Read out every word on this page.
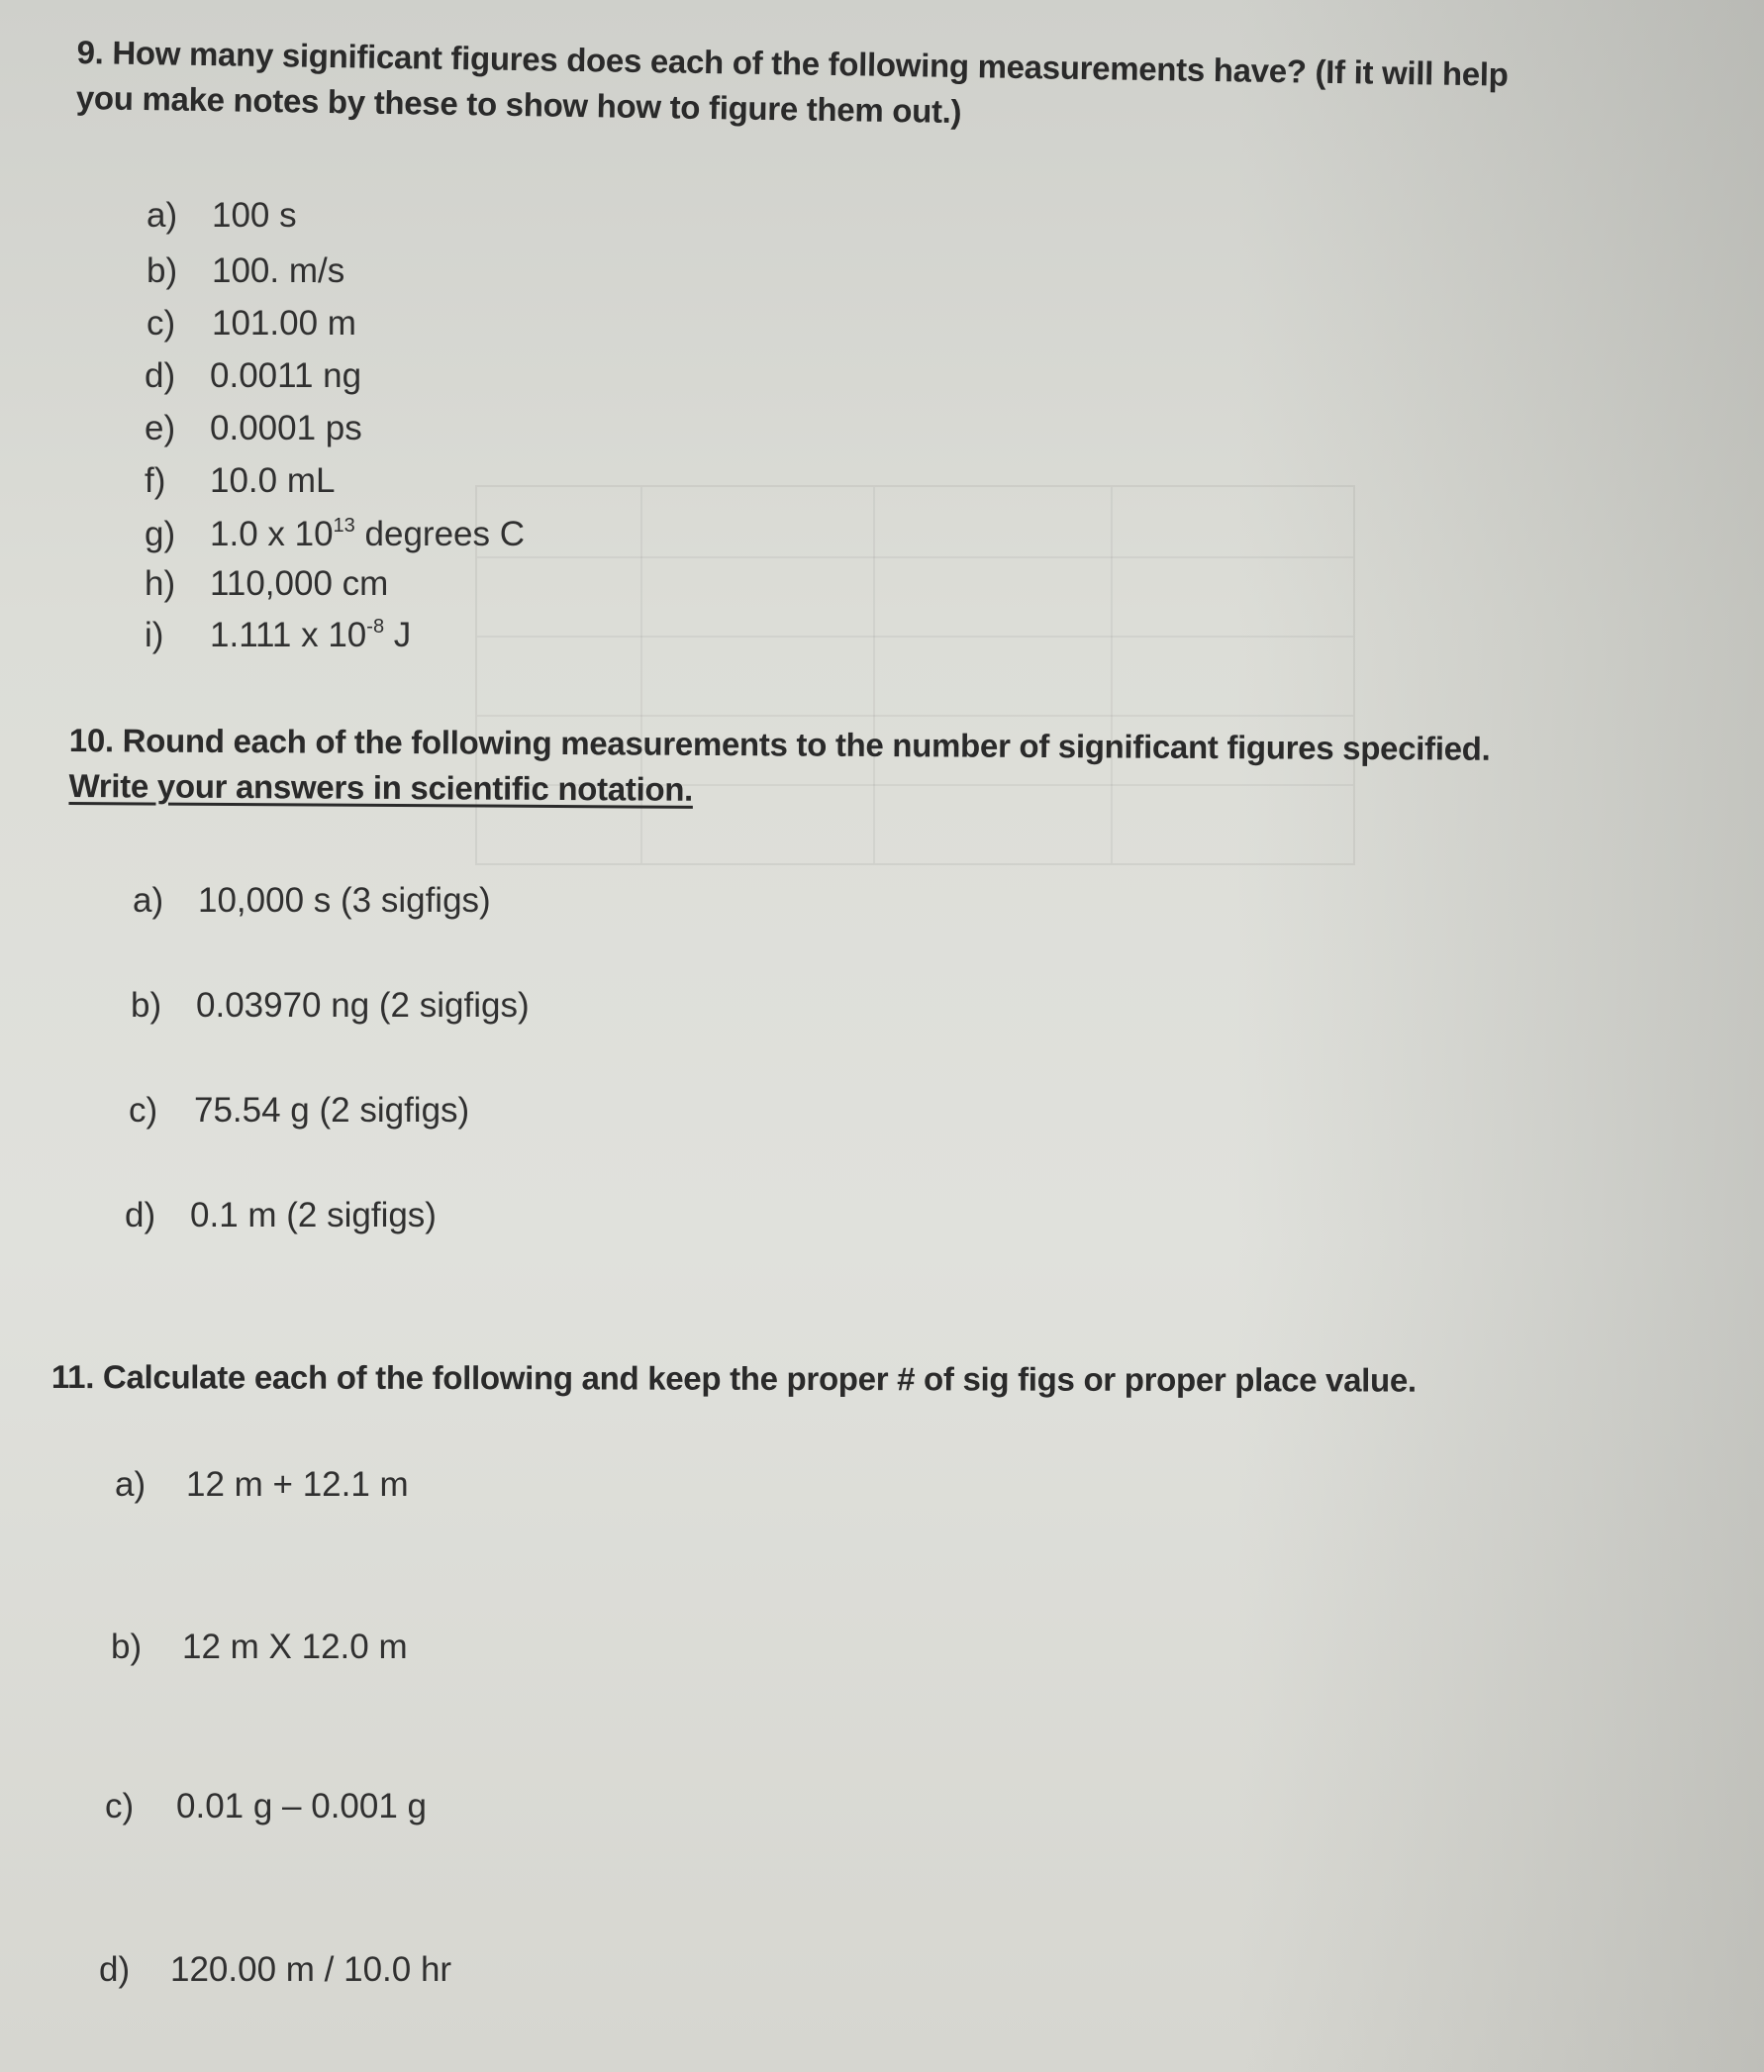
9. How many significant figures does each of the following measurements have? (If it will help
you make notes by these to show how to figure them out.)
a) 100 s
b) 100. m/s
c) 101.00 m
d) 0.0011 ng
e) 0.0001 ps
f) 10.0 mL
g) 1.0 x $10^{13}$ degrees C
h) 110,000 cm
i) 1.111 x $10^{-8}$ J
10. Round each of the following measurements to the number of significant figures specified.
Write your answers in scientific notation.
a) 10,000 s (3 sigfigs)
b) 0.03970 ng (2 sigfigs)
c) 75.54 g (2 sigfigs)
d) 0.1 m (2 sigfigs)
11. Calculate each of the following and keep the proper # of sig figs or proper place value.
a) 12 m + 12.1 m
b) 12 m X 12.0 m
c) 0.01 g – 0.001 g
d) 120.00 m / 10.0 hr
